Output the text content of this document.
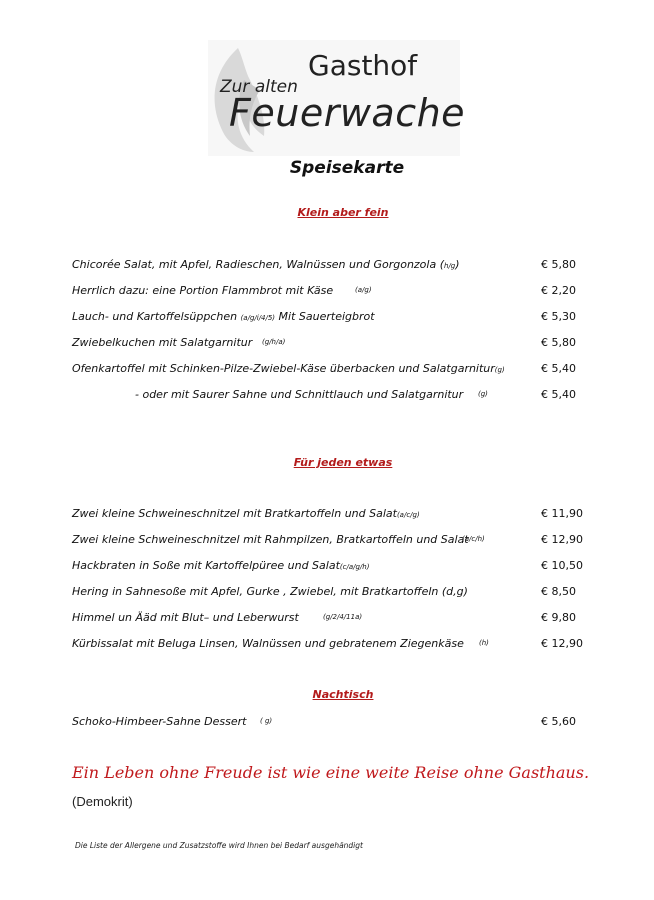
Zur alten
Gasthof
Feuerwache
Speisekarte
Klein aber fein
Chicorée Salat, mit Apfel, Radieschen, Walnüssen und Gorgonzola (h/g)	€ 5,80
Herrlich dazu: eine Portion Flammbrot mit Käse	(a/g)	€ 2,20
Lauch- und Kartoffelsüppchen (a/g/i/4/5) Mit Sauerteigbrot	€ 5,30
Zwiebelkuchen mit Salatgarnitur (g/h/a)	€ 5,80
Ofenkartoffel mit Schinken-Pilze-Zwiebel-Käse überbacken und Salatgarnitur(g)	€ 5,40
- oder mit Saurer Sahne und Schnittlauch und Salatgarnitur (g)	€ 5,40
Für jeden etwas
Zwei kleine Schweineschnitzel mit Bratkartoffeln und Salat(a/c/g)	€ 11,90
Zwei kleine Schweineschnitzel mit Rahmpilzen, Bratkartoffeln und Salat
(a/c/h)	€ 12,90
Hackbraten in Soße mit Kartoffelpüree und Salat(c/a/g/h)	€ 10,50
Hering in Sahnesoße mit Apfel, Gurke , Zwiebel, mit Bratkartoffeln (d,g)	€ 8,50
Himmel un Ääd mit Blut– und Leberwurst	(g/2/4/11a)	€ 9,80
Kürbissalat mit Beluga Linsen, Walnüssen und gebratenem Ziegenkäse (h)	€ 12,90
Nachtisch
Schoko-Himbeer-Sahne Dessert ( g)	€ 5,60
Ein Leben ohne Freude ist wie eine weite Reise ohne Gasthaus.
(Demokrit)
Die Liste der Allergene und Zusatzstoffe wird Ihnen bei Bedarf ausgehändigt
